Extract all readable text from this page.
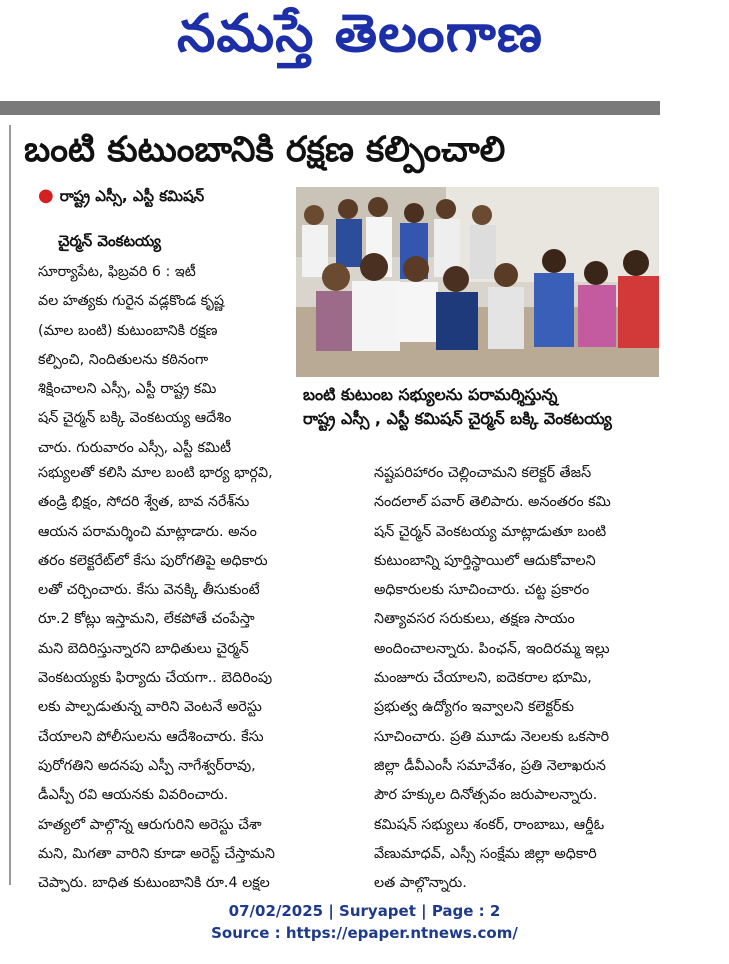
నమస్తే తెలంగాణ
బంటి కుటుంబానికి రక్షణ కల్పించాలి
● రాష్ట్ర ఎస్సీ, ఎస్టీ కమిషన్
చైర్మన్ వెంకటయ్య
బంటి కుటుంబ సభ్యులను పరామర్శిస్తున్న
రాష్ట్ర ఎస్సీ , ఎస్టీ కమిషన్ చైర్మన్ బక్కి వెంకటయ్య
సూర్యాపేట, ఫిబ్రవరి 6 : ఇటీ
వల హత్యకు గురైన వడ్లకొండ కృష్ణ
(మాల బంటి) కుటుంబానికి రక్షణ
కల్పించి, నిందితులను కఠినంగా
శిక్షించాలని ఎస్సీ, ఎస్టీ రాష్ట్ర కమి
షన్ చైర్మన్ బక్కి వెంకటయ్య ఆదేశిం
చారు. గురువారం ఎస్సీ, ఎస్టీ కమిటీ
సభ్యులతో కలిసి మాల బంటి భార్య భార్గవి,
తండ్రి భిక్షం, సోదరి శ్వేత, బావ నరేశ్‌ను
ఆయన పరామర్శించి మాట్లాడారు. అనం
తరం కలెక్టరేట్‌లో కేసు పురోగతిపై అధికారు
లతో చర్చించారు. కేసు వెనక్కి తీసుకుంటే
రూ.2 కోట్లు ఇస్తామని, లేకపోతే చంపేస్తా
మని బెదిరిస్తున్నారని బాధితులు చైర్మన్
వెంకటయ్యకు ఫిర్యాదు చేయగా.. బెదిరింపు
లకు పాల్పడుతున్న వారిని వెంటనే అరెస్టు
చేయాలని పోలీసులను ఆదేశించారు. కేసు
పురోగతిని అదనపు ఎస్పీ నాగేశ్వర్‌రావు,
డీఎస్పీ రవి ఆయనకు వివరించారు.
హత్యలో పాల్గొన్న ఆరుగురిని అరెస్టు చేశా
మని, మిగతా వారిని కూడా అరెస్ట్ చేస్తామని
చెప్పారు. బాధిత కుటుంబానికి రూ.4 లక్షల
నష్టపరిహారం చెల్లించామని కలెక్టర్ తేజస్
నందలాల్ పవార్ తెలిపారు. అనంతరం కమి
షన్ చైర్మన్ వెంకటయ్య మాట్లాడుతూ బంటి
కుటుంబాన్ని పూర్తిస్థాయిలో ఆదుకోవాలని
అధికారులకు సూచించారు. చట్ట ప్రకారం
నిత్యావసర సరుకులు, తక్షణ సాయం
అందించాలన్నారు. పింఛన్, ఇందిరమ్మ ఇల్లు
మంజూరు చేయాలని, ఐదెకరాల భూమి,
ప్రభుత్వ ఉద్యోగం ఇవ్వాలని కలెక్టర్‌కు
సూచించారు. ప్రతి మూడు నెలలకు ఒకసారి
జిల్లా డీవీఎంసీ సమావేశం, ప్రతి నెలాఖరున
పౌర హక్కుల దినోత్సవం జరుపాలన్నారు.
కమిషన్ సభ్యులు శంకర్, రాంబాబు, ఆర్డీఓ
వేణుమాధవ్, ఎస్సీ సంక్షేమ జిల్లా అధికారి
లత పాల్గొన్నారు.
07/02/2025 | Suryapet | Page : 2
Source : https://epaper.ntnews.com/
